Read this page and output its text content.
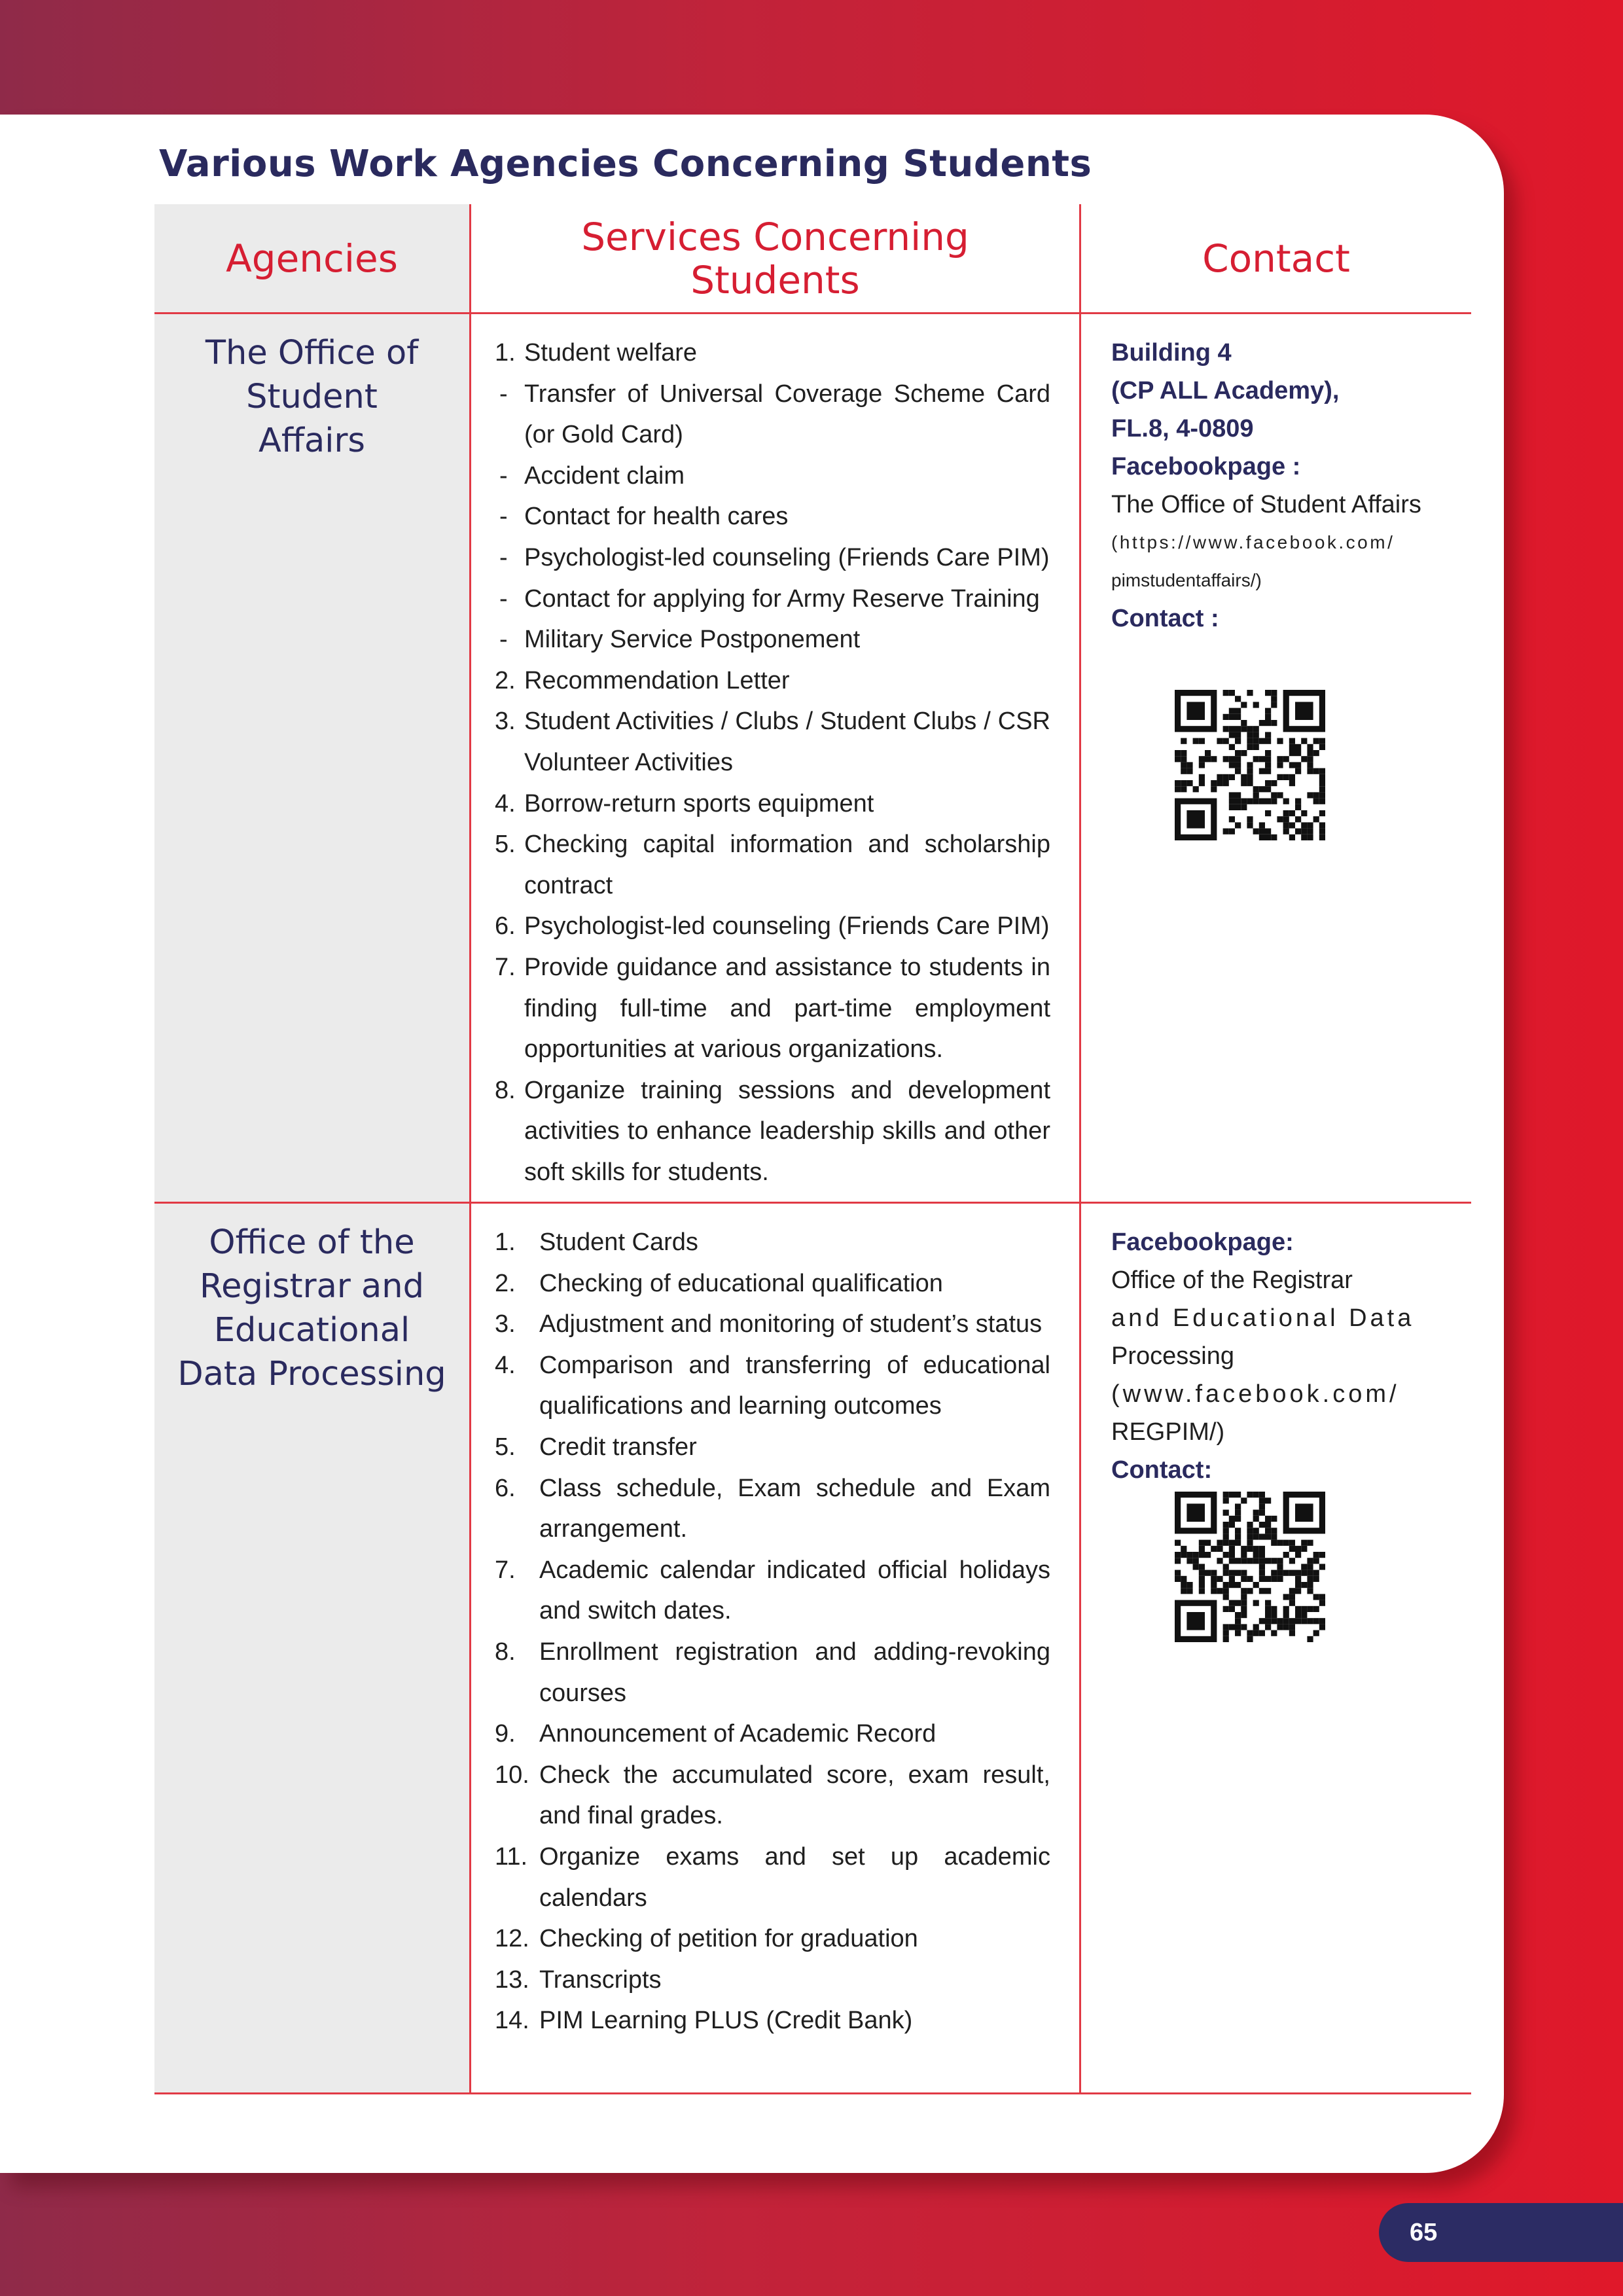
Various Work Agencies Concerning Students
Agencies	Services Concerning Students	Contact
The Office of Student Affairs
1. Student welfare
- Transfer of Universal Coverage Scheme Card (or Gold Card)
- Accident claim
- Contact for health cares
- Psychologist-led counseling (Friends Care PIM)
- Contact for applying for Army Reserve Training
- Military Service Postponement
2. Recommendation Letter
3. Student Activities / Clubs / Student Clubs / CSR Volunteer Activities
4. Borrow-return sports equipment
5. Checking capital information and scholarship contract
6. Psychologist-led counseling (Friends Care PIM)
7. Provide guidance and assistance to students in finding full-time and part-time employment opportunities at various organizations.
8. Organize training sessions and development activities to enhance leadership skills and other soft skills for students.
Building 4
(CP ALL Academy),
FL.8, 4-0809
Facebookpage :
The Office of Student Affairs
(https://www.facebook.com/
pimstudentaffairs/)
Contact :
Office of the Registrar and Educational Data Processing
1. Student Cards
2. Checking of educational qualification
3. Adjustment and monitoring of student’s status
4. Comparison and transferring of educational qualifications and learning outcomes
5. Credit transfer
6. Class schedule, Exam schedule and Exam arrangement.
7. Academic calendar indicated official holidays and switch dates.
8. Enrollment registration and adding-revoking courses
9. Announcement of Academic Record
10. Check the accumulated score, exam result, and final grades.
11. Organize exams and set up academic calendars
12. Checking of petition for graduation
13. Transcripts
14. PIM Learning PLUS (Credit Bank)
Facebookpage:
Office of the Registrar
and Educational Data
Processing
(www.facebook.com/
REGPIM/)
Contact:
65
